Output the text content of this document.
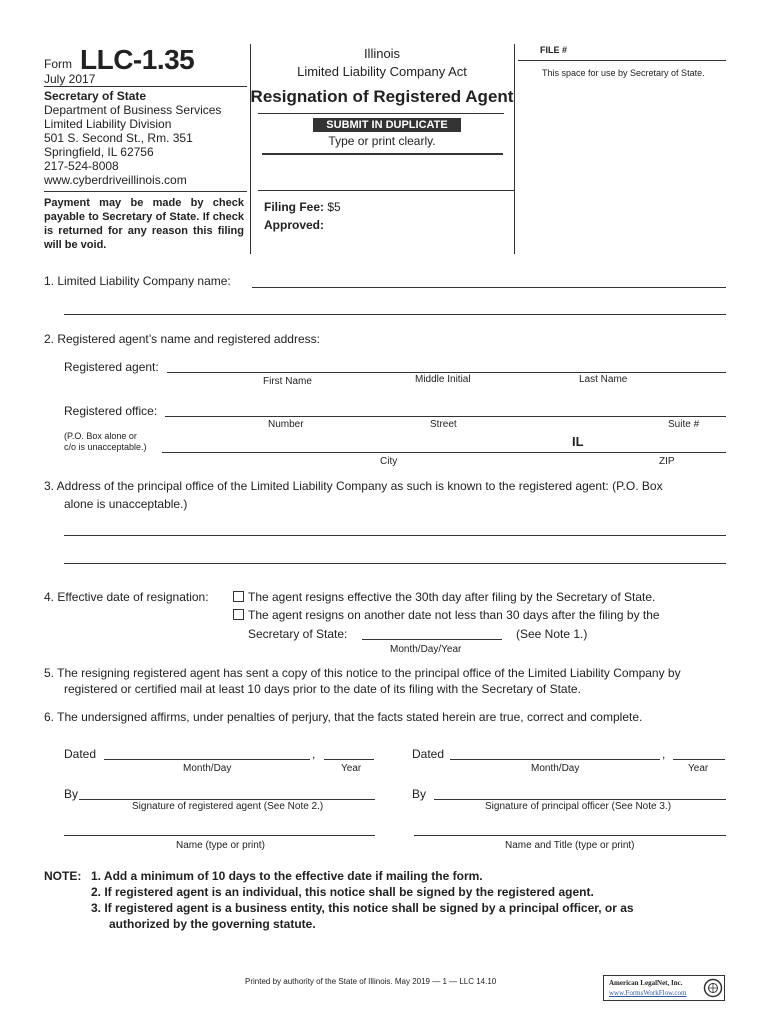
Form LLC-1.35
July 2017
Secretary of State
Department of Business Services
Limited Liability Division
501 S. Second St., Rm. 351
Springfield, IL 62756
217-524-8008
www.cyberdriveillinois.com
Payment may be made by check payable to Secretary of State. If check is returned for any reason this filing will be void.
Illinois
Limited Liability Company Act
Resignation of Registered Agent
SUBMIT IN DUPLICATE
Type or print clearly.
Filing Fee: $5
Approved:
FILE #
This space for use by Secretary of State.
1. Limited Liability Company name:
2. Registered agent’s name and registered address:
Registered agent:
First Name	Middle Initial	Last Name
Registered office:
Number	Street	Suite #
(P.O. Box alone or
c/o is unacceptable.)	IL
City	ZIP
3. Address of the principal office of the Limited Liability Company as such is known to the registered agent: (P.O. Box
alone is unacceptable.)
4. Effective date of resignation:	The agent resigns effective the 30th day after filing by the Secretary of State.
The agent resigns on another date not less than 30 days after the filing by the
Secretary of State:	(See Note 1.)
Month/Day/Year
5. The resigning registered agent has sent a copy of this notice to the principal office of the Limited Liability Company by
registered or certified mail at least 10 days prior to the date of its filing with the Secretary of State.
6. The undersigned affirms, under penalties of perjury, that the facts stated herein are true, correct and complete.
Dated	,
Month/Day	Year
By
Signature of registered agent (See Note 2.)
Name (type or print)
Dated	,
Month/Day	Year
By
Signature of principal officer (See Note 3.)
Name and Title (type or print)
NOTE: 1. Add a minimum of 10 days to the effective date if mailing the form.
2. If registered agent is an individual, this notice shall be signed by the registered agent.
3. If registered agent is a business entity, this notice shall be signed by a principal officer, or as
authorized by the governing statute.
Printed by authority of the State of Illinois. May 2019 — 1 — LLC 14.10	American LegalNet, Inc.
www.FormsWorkFlow.com
